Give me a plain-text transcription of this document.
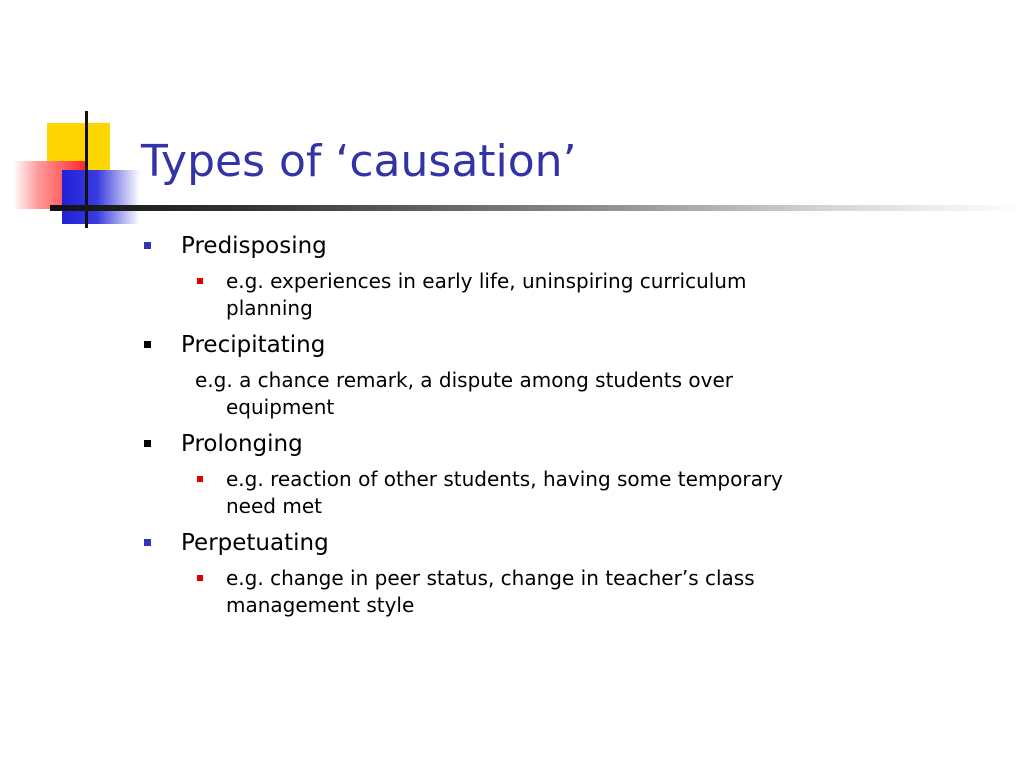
Types of ‘causation’
Predisposing
e.g. experiences in early life, uninspiring curriculum
planning
Precipitating
e.g. a chance remark, a dispute among students over
equipment
Prolonging
e.g. reaction of other students, having some temporary
need met
Perpetuating
e.g. change in peer status, change in teacher’s class
management style
